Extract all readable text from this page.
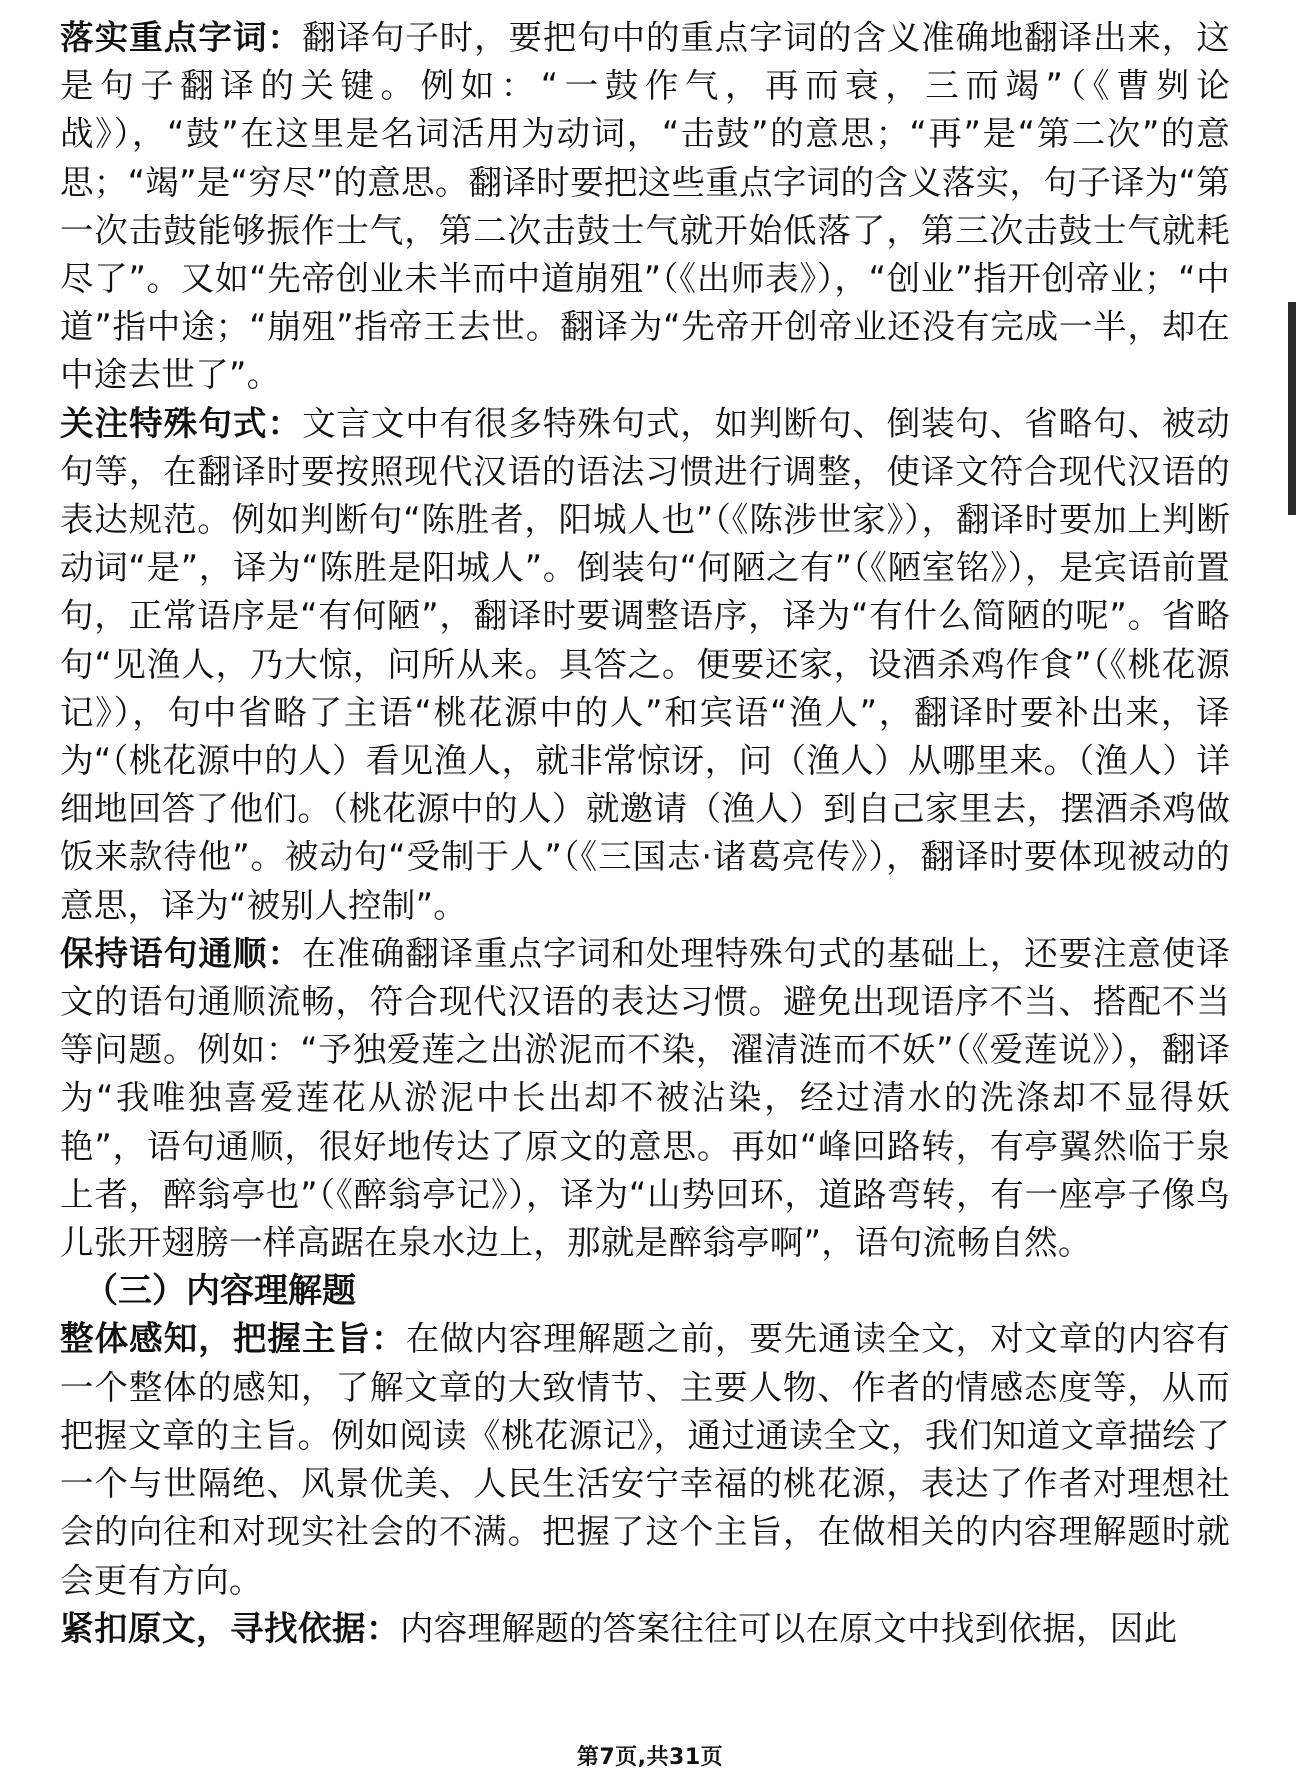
落实重点字词：翻译句子时，要把句中的重点字词的含义准确地翻译出来，这是句子翻译的关键。例如：“一鼓作气，再而衰，三而竭”（《曹刿论战》），“鼓”在这里是名词活用为动词，“击鼓”的意思；“再”是“第二次”的意思；“竭”是“穷尽”的意思。翻译时要把这些重点字词的含义落实，句子译为“第一次击鼓能够振作士气，第二次击鼓士气就开始低落了，第三次击鼓士气就耗尽了”。又如“先帝创业未半而中道崩殂”（《出师表》），“创业”指开创帝业；“中道”指中途；“崩殂”指帝王去世。翻译为“先帝开创帝业还没有完成一半，却在中途去世了”。

关注特殊句式：文言文中有很多特殊句式，如判断句、倒装句、省略句、被动句等，在翻译时要按照现代汉语的语法习惯进行调整，使译文符合现代汉语的表达规范。例如判断句“陈胜者，阳城人也”（《陈涉世家》），翻译时要加上判断动词“是”，译为“陈胜是阳城人”。倒装句“何陋之有”（《陋室铭》），是宾语前置句，正常语序是“有何陋”，翻译时要调整语序，译为“有什么简陋的呢”。省略句“见渔人，乃大惊，问所从来。具答之。便要还家，设酒杀鸡作食”（《桃花源记》），句中省略了主语“桃花源中的人”和宾语“渔人”，翻译时要补出来，译为“（桃花源中的人）看见渔人，就非常惊讶，问（渔人）从哪里来。（渔人）详细地回答了他们。（桃花源中的人）就邀请（渔人）到自己家里去，摆酒杀鸡做饭来款待他”。被动句“受制于人”（《三国志·诸葛亮传》），翻译时要体现被动的意思，译为“被别人控制”。

保持语句通顺：在准确翻译重点字词和处理特殊句式的基础上，还要注意使译文的语句通顺流畅，符合现代汉语的表达习惯。避免出现语序不当、搭配不当等问题。例如：“予独爱莲之出淤泥而不染，濯清涟而不妖”（《爱莲说》），翻译为“我唯独喜爱莲花从淤泥中长出却不被沾染，经过清水的洗涤却不显得妖艳”，语句通顺，很好地传达了原文的意思。再如“峰回路转，有亭翼然临于泉上者，醉翁亭也”（《醉翁亭记》），译为“山势回环，道路弯转，有一座亭子像鸟儿张开翅膀一样高踞在泉水边上，那就是醉翁亭啊”，语句流畅自然。

（三）内容理解题

整体感知，把握主旨：在做内容理解题之前，要先通读全文，对文章的内容有一个整体的感知，了解文章的大致情节、主要人物、作者的情感态度等，从而把握文章的主旨。例如阅读《桃花源记》，通过通读全文，我们知道文章描绘了一个与世隔绝、风景优美、人民生活安宁幸福的桃花源，表达了作者对理想社会的向往和对现实社会的不满。把握了这个主旨，在做相关的内容理解题时就会更有方向。

紧扣原文，寻找依据：内容理解题的答案往往可以在原文中找到依据，因此

第7页,共31页
